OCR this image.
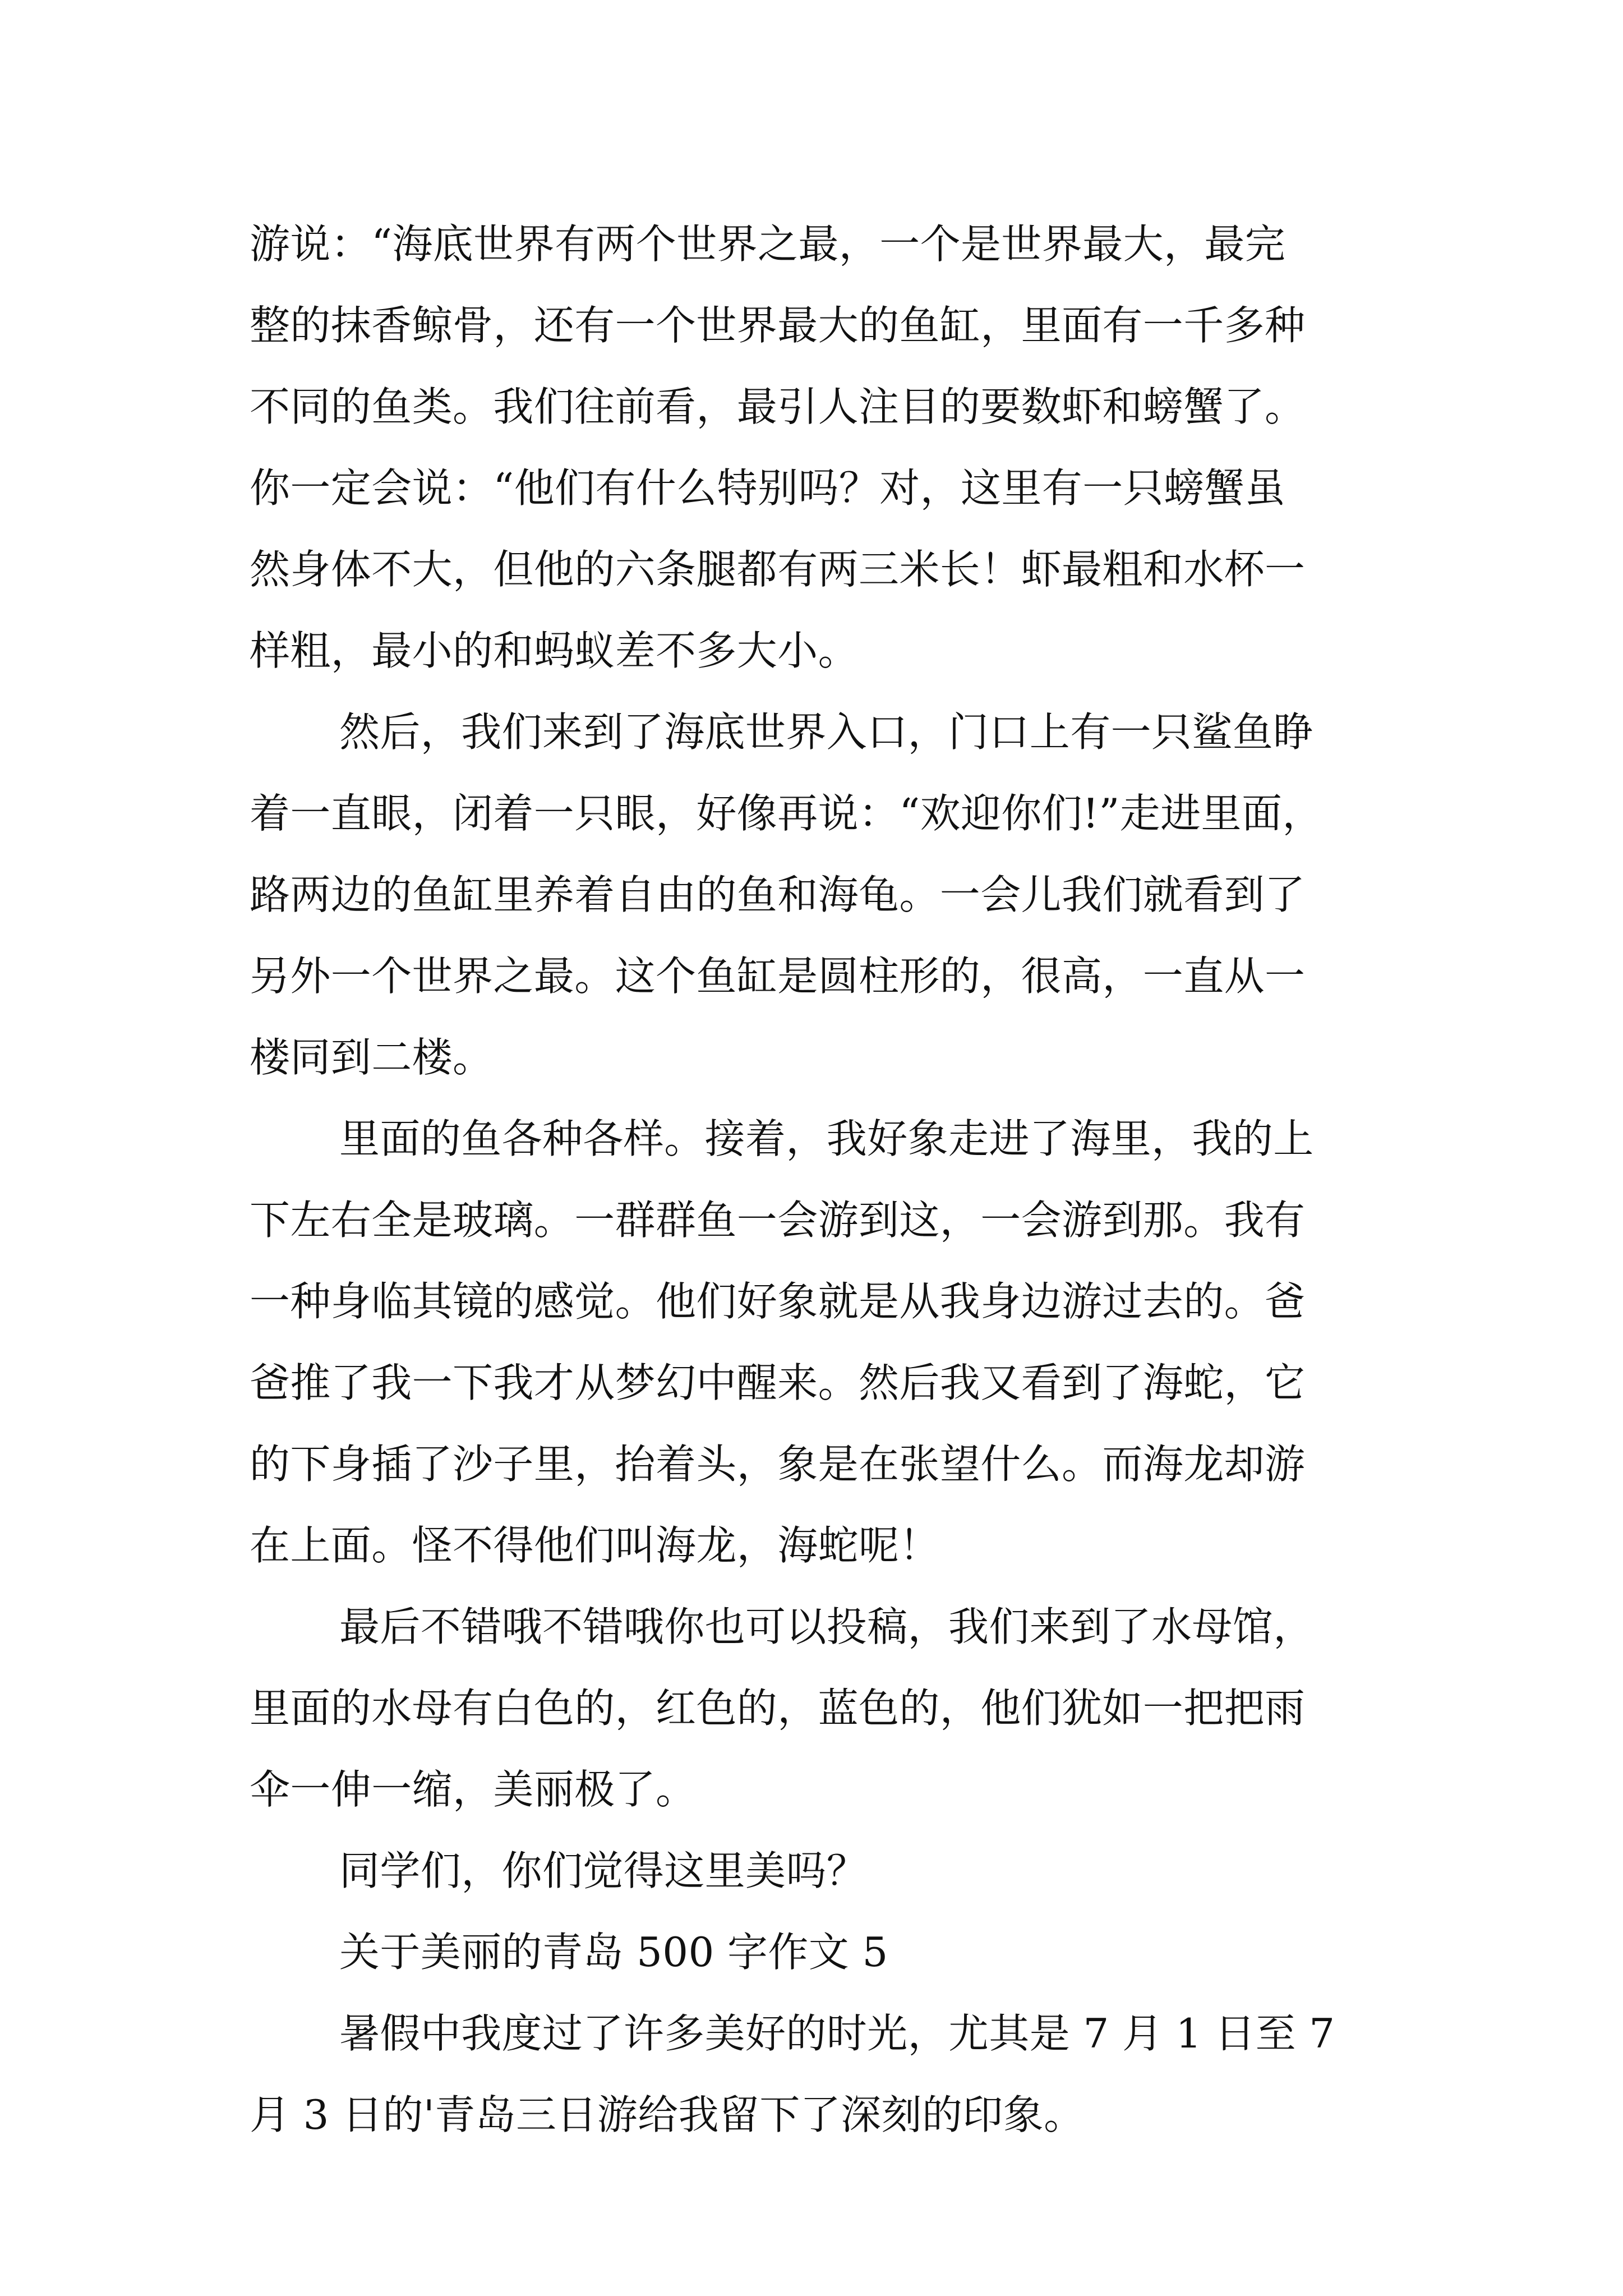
游说：“海底世界有两个世界之最，一个是世界最大，最完
整的抹香鲸骨，还有一个世界最大的鱼缸，里面有一千多种
不同的鱼类。我们往前看，最引人注目的要数虾和螃蟹了。
你一定会说：“他们有什么特别吗？对，这里有一只螃蟹虽
然身体不大，但他的六条腿都有两三米长！虾最粗和水杯一
样粗，最小的和蚂蚁差不多大小。
然后，我们来到了海底世界入口，门口上有一只鲨鱼睁
着一直眼，闭着一只眼，好像再说：“欢迎你们!”走进里面，
路两边的鱼缸里养着自由的鱼和海龟。一会儿我们就看到了
另外一个世界之最。这个鱼缸是圆柱形的，很高，一直从一
楼同到二楼。
里面的鱼各种各样。接着，我好象走进了海里，我的上
下左右全是玻璃。一群群鱼一会游到这，一会游到那。我有
一种身临其镜的感觉。他们好象就是从我身边游过去的。爸
爸推了我一下我才从梦幻中醒来。然后我又看到了海蛇，它
的下身插了沙子里，抬着头，象是在张望什么。而海龙却游
在上面。怪不得他们叫海龙，海蛇呢！
最后不错哦不错哦你也可以投稿，我们来到了水母馆，
里面的水母有白色的，红色的，蓝色的，他们犹如一把把雨
伞一伸一缩，美丽极了。
同学们，你们觉得这里美吗？
关于美丽的青岛 500 字作文 5
暑假中我度过了许多美好的时光，尤其是 7 月 1 日至 7
月 3 日的'青岛三日游给我留下了深刻的印象。
